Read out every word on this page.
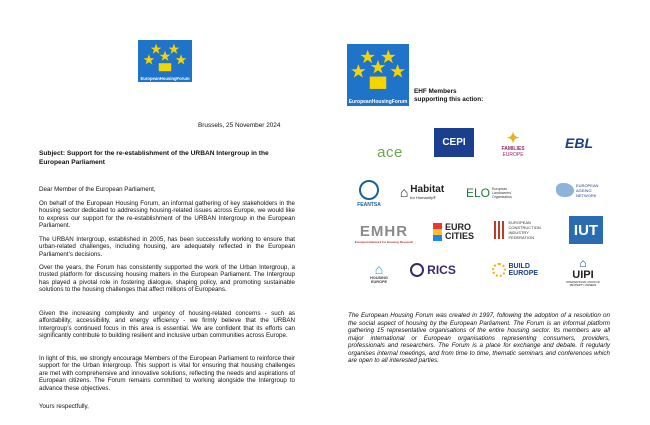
EuropeanHousingForum
EuropeanHousingForum
Brussels, 25 November 2024
Subject: Support for the re-establishment of the URBAN Intergroup in the European Parliament
Dear Member of the European Parliament,
On behalf of the European Housing Forum, an informal gathering of key stakeholders in the housing sector dedicated to addressing housing-related issues across Europe, we would like to express our support for the re-establishment of the URBAN Intergroup in the European Parliament.
The URBAN Intergroup, established in 2005, has been successfully working to ensure that urban-related challenges, including housing, are adequately reflected in the European Parliament’s decisions.
Over the years, the Forum has consistently supported the work of the Urban Intergroup, a trusted platform for discussing housing matters in the European Parliament. The Intergroup has played a pivotal role in fostering dialogue, shaping policy, and promoting sustainable solutions to the housing challenges that affect millions of Europeans.
Given the increasing complexity and urgency of housing-related concerns - such as affordability, accessibility, and energy efficiency - we firmly believe that the URBAN Intergroup’s continued focus in this area is essential. We are confident that its efforts can significantly contribute to building resilient and inclusive urban communities across Europe.
In light of this, we strongly encourage Members of the European Parliament to reinforce their support for the Urban Intergroup. This support is vital for ensuring that housing challenges are met with comprehensive and innovative solutions, reflecting the needs and aspirations of European citizens. The Forum remains committed to working alongside the Intergroup to advance these objectives.
Yours respectfully,
EHF Members
supporting this action:
ace
CEPI	✦
FAMILIES
EUROPE
EBL
FEANTSA
⌂ Habitat
for Humanity®	ELO European Landowners' Organization
EUROPEAN AGEING NETWORK
EMHR
European Network for Housing Research
EURO CITIES
EUROPEAN CONSTRUCTION INDUSTRY FEDERATION	IUT
⌂
HOUSING
EUROPE
RICS	BUILD EUROPE
⌂
UIPI
INTERNATIONAL UNION OF PROPERTY OWNERS
The European Housing Forum was created in 1997, following the adoption of a resolution on the social aspect of housing by the European Parliament. The Forum is an informal platform gathering 15 representative organisations of the entire housing sector. Its members are all major international or European organisations representing consumers, providers, professionals and researchers. The Forum is a place for exchange and debate. It regularly organises internal meetings, and from time to time, thematic seminars and conferences which are open to all interested parties.
